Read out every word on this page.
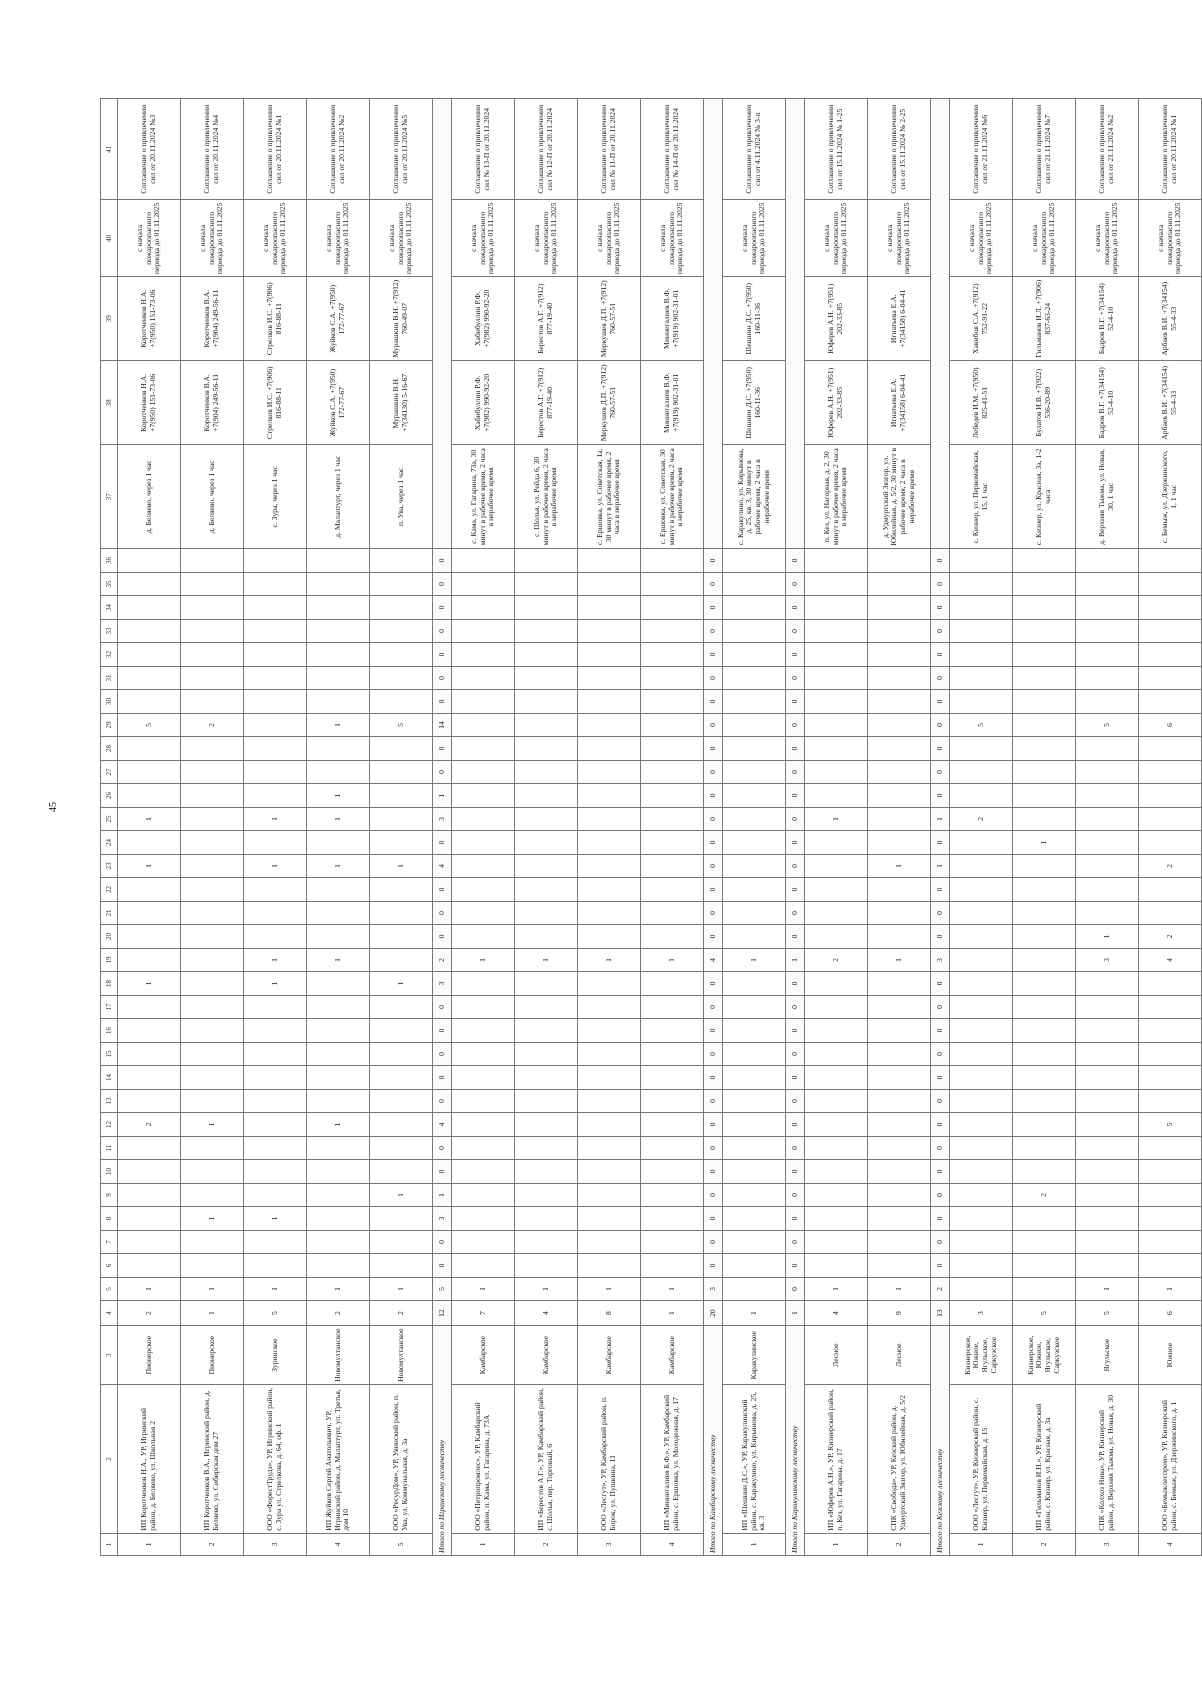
45
1	2	3	4	5	6	7	8	9	10	11	12	13	14	15	16	17	18	19	20	21	22	23	24	25	26	27	28	29	30	31	32	33	34	35	36	37	38	39	40	41
1	ИП Коротченков Н.А., УР, Игринский район, д. Беляево, ул. Школьная 2	Пионерское	2	1							2						1					1		1				5								д. Беляево, через 1 час	Коротченков Н.А. +7(950) 151-73-06	Коротченков Н.А. +7(950) 151-73-06	с начала пожароопасного периода до 01.11.2025	Соглашение о привлечении сил от 20.11.2024 №3
2	ИП Коротченков В.А., Игринский район, д. Беляево, ул. Сибирская дом 27	Пионерское	1	1			1				1																	2								д. Беляево, через 1 час	Коротченков В.А. +7(904) 249-56-11	Коротченков В.А. +7(904) 249-56-11	с начала пожароопасного периода до 01.11.2025	Соглашение о привлечении сил от 20.11.2024 №4
3	ООО «ФорестТрудз», УР, Игринский район, с. Зура ул. Стрелкова, д. 64, оф. 1	Зуринское	5	1			1										1	1				1		1												с. Зура, через 1 час	Стрелков И.С. +7(906) 816-88-11	Стрелков И.С. +7(906) 816-88-11	с начала пожароопасного периода до 01.11.2025	Соглашение о привлечении сил от 20.11.2024 №1
4	ИП Жуйков Сергей Анатольевич, УР, Игринский район, д. Малаптурт, ул. Третья, дом 10	Новомултанское	2	1							1							1				1		1	1			1								д. Малаптурт, через 1 час	Жуйков С.А. +7(950) 172-77-67	Жуйков С.А. +7(950) 172-77-67	с начала пожароопасного периода до 01.11.2025	Соглашение о привлечении сил от 20.11.2024 №2
5	ООО «РесурДом», УР, Увинский район, п. Ува, ул. Коммунальная, д. 3а	Новомултанское	2	1				1									1					1						5								п. Ува, через 1 час	Мурашкин В.Н. +7(34130) 5-16-67	Мурашкин В.Н. +7(912) 760-49-07	с начала пожароопасного периода до 01.11.2025	Соглашение о привлечении сил от 20.11.2024 №5
Итого по Игринскому лесничеству			12	5	0	0	3	1	0	0	4	0	0	0	0	0	3	2	0	0	0	4	0	3	1	0	0	14	0	0	0	0	0	0	0					
1	ООО «Петропромлес», УР, Камбарский район, п. Кама, ул. Гагарина, д. 73А	Камбарское	7	1														1																		с. Кама, ул. Гагарина, 73а, 30 минут в рабочее время, 2 часа в нерабочее время	Хабибуллин Р.Ф. +7(982) 990-92-20	Хабибуллин Р.Ф. +7(982) 990-92-20	с начала пожароопасного периода до 01.11.2025	Соглашение о привлечении сил № 13-П от 20.11.2024
2	ИП «Берестов А.Г.», УР, Камбарский район, с. Шолья, пер. Торговый, 6	Камбарское	4	1														1																		с. Шолья, ул. Рейда 6, 30 минут в рабочее время, 2 часа в нерабочее время	Берестов А.Г. +7(912) 877-19-40	Берестов А.Г. +7(912) 877-19-40	с начала пожароопасного периода до 01.11.2025	Соглашение о привлечении сил № 12-П от 20.11.2024
3	ООО «Лесгут», УР, Камбарский район, п. Борок, ул. Пушкина, 11	Камбарское	8	1														1																		с. Ершовка, ул. Советская, 1а, 30 минут в рабочее время, 2 часа в нерабочее время	Меркушев Д.П. +7(912) 760-57-51	Меркушев Д.П. +7(912) 760-57-51	с начала пожароопасного периода до 01.11.2025	Соглашение о привлечении сил № 11-П от 20.11.2024
4	ИП «Миннегалиев Б.Ф.», УР, Камбарский район, с. Ершовка, ул. Молодежная, д. 17	Камбарское	1	1														1																		с. Ершовка, ул. Советская, 30 минут в рабочее время, 2 часа в нерабочее время	Миннегалиев В.Ф. +7(919) 902-31-01	Миннегалиев В.Ф. +7(919) 902-31-01	с начала пожароопасного периода до 01.11.2025	Соглашение о привлечении сил № 14-П от 20.11.2024
Итого по Камбарскому лесничеству			20	3	0	0	0	0	0	0	0	0	0	0	0	0	0	4	0	0	0	0	0	0	0	0	0	0	0	0	0	0	0	0	0					
1	ИП «Шешнин Д.С.», УР, Каракулинский район, с. Каракулино, ул. Кирьянова, д. 25, кв. 3	Каракулинское	1															1																		с. Каракулино, ул. Кирьянова, д. 25, кв. 3, 30 минут в рабочее время, 2 часа в нерабочее время	Шешнин Д.С. +7(950) 160-11-36	Шешнин Д.С. +7(950) 160-11-36	с начала пожароопасного периода до 01.11.2025	Соглашение о привлечении сил от 4.11.2024 № 3-п
Итого по Каракулинскому лесничеству			1	0	0	0	0	0	0	0	0	0	0	0	0	0	0	1	0	0	0	0	0	0	0	0	0	0	0	0	0	0	0	0	0					
1	ИП «Юферев А.Н.», УР, Кизнерский район, п. Кез, ул. Гагарина, д. 17	Лесное	4	1														2						1												п. Кез, ул. Нагорная, д. 2, 30 минут в рабочее время, 2 часа в нерабочее время	Юферев А.Н. +7(951) 202-33-85	Юферев А.Н. +7(951) 202-33-85	с начала пожароопасного периода до 01.11.2025	Соглашение о привлечении сил от 15.11.2024 № 1-25
2	СПК «Свобода», УР, Кезский район, д. Удмуртский Зязгор, ул. Юбилейная, д. 5/2	Лесное	9	1														1				1														д. Удмуртский Зязгор, ул. Юбилейная, д. 5/2, 30 минут в рабочее время, 2 часа в нерабочее время	Игнатьева Е.А. +7(34158) 6-04-41	Игнатьева Е.А. +7(34158) 6-04-41	с начала пожароопасного периода до 01.11.2025	Соглашение о привлечении сил от 15.11.2024 № 2-25
Итого по Кезскому лесничеству			13	2	0	0	0	0	0	0	0	0	0	0	0	0	0	3	0	0	0	1	0	1	0	0	0	0	0	0	0	0	0	0	0					
1	ООО «Лесгут», УР, Кизнерский район, с. Кизнер, ул. Первомайская, д. 15	Кизнерское, Южное, Ягульское, Саркузское	3																					2				5								с. Кизнер, ул. Первомайская, 15, 1 час	Лебедев И.М. +7(950) 825-41-51	Хакибов С.А. +7(912) 752-91-22	с начала пожароопасного периода до 01.11.2025	Соглашение о привлечении сил от 21.11.2024 №6
2	ИП «Гильманов И.Н.», УР, Кизнерский район, с. Кизнер, ул. Красная, д. 3а	Кизнерское, Южное, Ягульское, Саркузское	5					2															1													с. Кизнер, ул. Красная, 3а, 1-2 часа	Булатов И.В. +7(922) 536-20-89	Гильманов И.Л. +7(906) 837-63-24	с начала пожароопасного периода до 01.11.2025	Соглашение о привлечении сил от 21.11.2024 №7
3	СПК «Колхоз Нива», УР, Кизнерский район, д. Верхняя Тыжма, ул. Новая, д. 30	Ягульское	5	1														3	1									5								д. Верхняя Тыжма, ул. Новая, 30, 1 час	Бадров В.Г. +7(34154) 52-4-10	Бадров В.Г. +7(34154) 52-4-10	с начала пожароопасного периода до 01.11.2025	Соглашение о привлечении сил от 21.11.2024 №2
4	ООО «Бемыжлеспром», УР, Кизнерский район, с. Бемыж, ул. Дзержинского, д. 1	Южное	6	1							5							4	2			2						6								с. Бемыж, ул. Дзержинского, 1, 1 час	Арбаев В.И. +7(34154) 55-4-33	Арбаев В.И. +7(34154) 55-4-33	с начала пожароопасного периода до 01.11.2025	Соглашение о привлечении сил от 20.11.2024 №1
